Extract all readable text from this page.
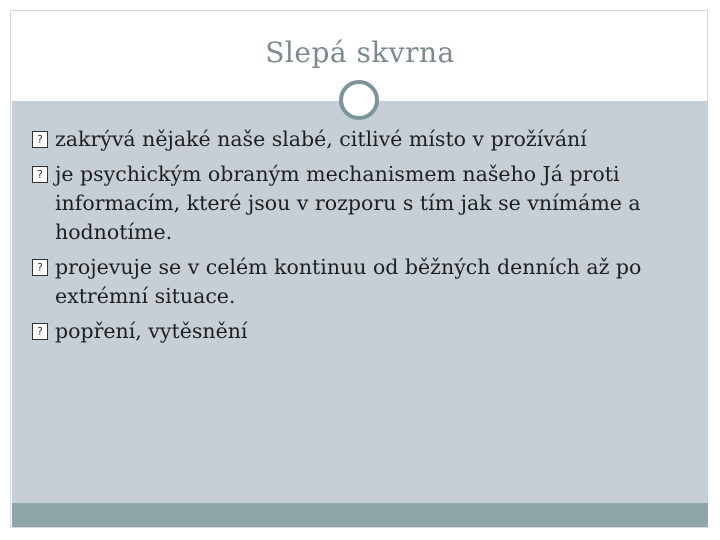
Slepá skvrna
?
zakrývá nějaké naše slabé, citlivé místo v prožívání
?
je psychickým obraným mechanismem našeho Já proti informacím, které jsou v rozporu s tím jak se vnímáme a hodnotíme.
?
projevuje se v celém kontinuu od běžných denních až po extrémní situace.
?
popření, vytěsnění
